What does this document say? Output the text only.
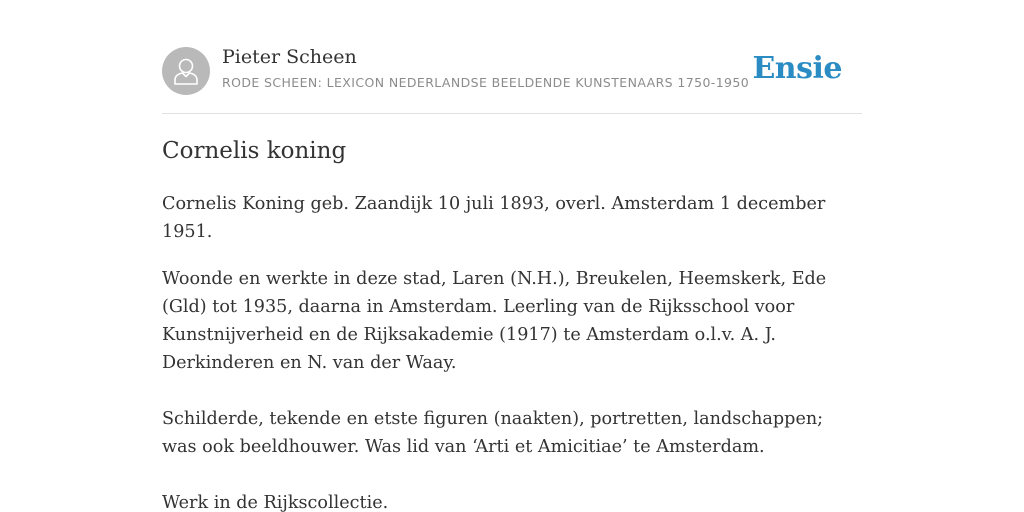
Pieter Scheen
RODE SCHEEN: LEXICON NEDERLANDSE BEELDENDE KUNSTENAARS 1750-1950 Ensie
Cornelis koning

Cornelis Koning geb. Zaandijk 10 juli 1893, overl. Amsterdam 1 december 1951.

Woonde en werkte in deze stad, Laren (N.H.), Breukelen, Heemskerk, Ede (Gld) tot 1935, daarna in Amsterdam. Leerling van de Rijksschool voor Kunstnijverheid en de Rijksakademie (1917) te Amsterdam o.l.v. A. J. Derkinderen en N. van der Waay.

Schilderde, tekende en etste figuren (naakten), portretten, landschappen; was ook beeldhouwer. Was lid van ‘Arti et Amicitiae’ te Amsterdam.

Werk in de Rijkscollectie.
